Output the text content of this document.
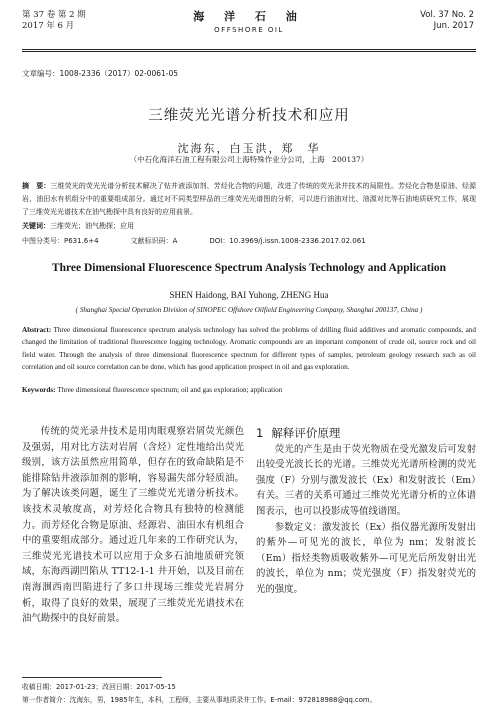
第 37 卷 第 2 期
2017 年 6 月
海 洋 石 油
OFFSHORE OIL
Vol. 37 No. 2
Jun. 2017
文章编号：1008-2336（2017）02-0061-05
三维荧光光谱分析技术和应用
沈海东，白玉洪，郑　华
（中石化海洋石油工程有限公司上海特殊作业分公司，上海　200137）
摘　要：三维荧光的荧光光谱分析技术解决了钻井液添加剂、芳烃化合物的问题，改进了传统的荧光录井技术的局限性。芳烃化合物是原油、烃源岩、油田水有机组分中的重要组成部分。通过对不同类型样品的三维荧光光谱图的分析，可以进行油油对比、油源对比等石油地质研究工作，展现了三维荧光光谱技术在油气勘探中具有良好的应用前景。
关键词：三维荧光；油气勘探；应用
中图分类号：P631.6+4	文献标识码：A	DOI：10.3969/j.issn.1008-2336.2017.02.061
Three Dimensional Fluorescence Spectrum Analysis Technology and Application
SHEN Haidong, BAI Yuhong, ZHENG Hua
( Shanghai Special Operation Division of SINOPEC Offshore Oilfield Engineering Company, Shanghai 200137, China )
Abstract: Three dimensional fluorescence spectrum analysis technology has solved the problems of drilling fluid additives and aromatic compounds, and changed the limitation of traditional fluorescence logging technology. Aromatic compounds are an important component of crude oil, source rock and oil field water. Through the analysis of three dimensional fluorescence spectrum for different types of samples, petroleum geology research such as oil correlation and oil source correlation can be done, which has good application prospect in oil and gas exploration.
Keywords: Three dimensional fluorescence spectrum; oil and gas exploration; application

传统的荧光录井技术是用肉眼观察岩屑荧光颜色及强弱，用对比方法对岩屑（含烃）定性地给出荧光级别，该方法虽然应用简单，但存在的致命缺陷是不能排除钻井液添加剂的影响，容易漏失部分轻质油。为了解决该类问题，诞生了三维荧光光谱分析技术。该技术灵敏度高，对芳烃化合物具有独特的检测能力。而芳烃化合物是原油、烃源岩、油田水有机组合中的重要组成部分。通过近几年来的工作研究认为，三维荧光光谱技术可以应用于众多石油地质研究领域，东海西湖凹陷从 TT12-1-1 井开始，以及目前在南海涠西南凹陷进行了多口井现场三维荧光岩屑分析，取得了良好的效果，展现了三维荧光光谱技术在油气勘探中的良好前景。

1 解释评价原理

荧光的产生是由于荧光物质在受光激发后可发射出较受光波长长的光谱。三维荧光光谱所检测的荧光强度（F）分别与激发波长（Ex）和发射波长（Em）有关。三者的关系可通过三维荧光光谱分析的立体谱图表示，也可以投影成等值线谱图。

参数定义：激发波长（Ex）指仪器光源所发射出的紫外—可见光的波长，单位为 nm；发射波长（Em）指烃类物质吸收紫外—可见光后所发射出光的波长，单位为 nm；荧光强度（F）指发射荧光的光的强度。

收稿日期：2017-01-23；改回日期：2017-05-15
第一作者简介：沈海东，男，1985年生，本科，工程师，主要从事地质录井工作。E-mail：972818988@qq.com。
